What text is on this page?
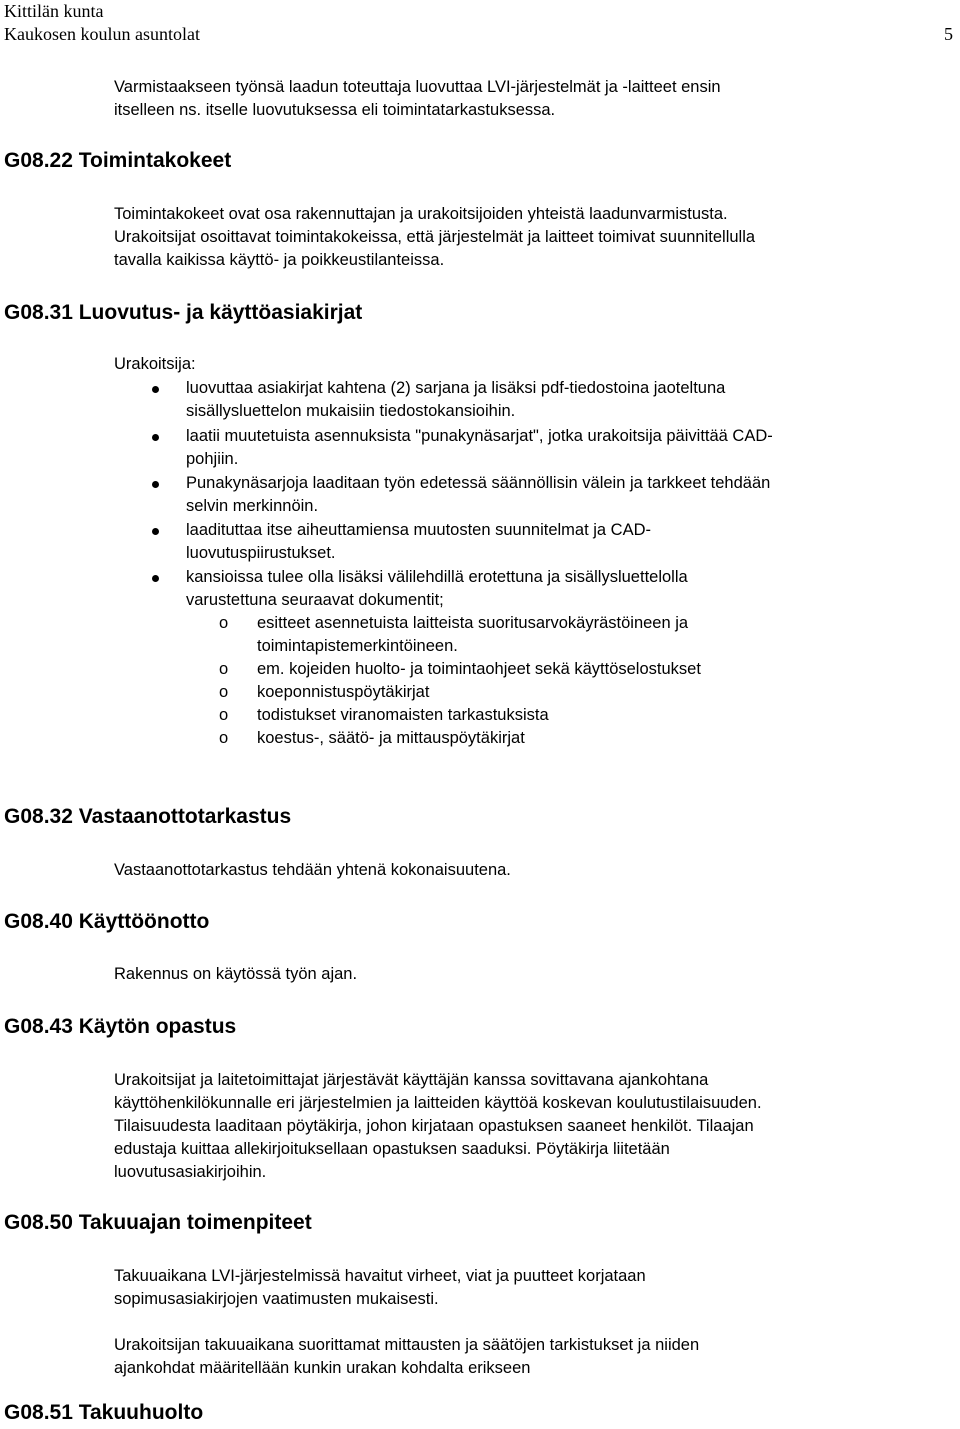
Kittilän kunta
Kaukosen koulun asuntolat	5
Varmistaakseen työnsä laadun toteuttaja luovuttaa LVI-järjestelmät ja -laitteet ensin
itselleen ns. itselle luovutuksessa eli toimintatarkastuksessa.
G08.22 Toimintakokeet
Toimintakokeet ovat osa rakennuttajan ja urakoitsijoiden yhteistä laadunvarmistusta.
Urakoitsijat osoittavat toimintakokeissa, että järjestelmät ja laitteet toimivat suunnitellulla
tavalla kaikissa käyttö- ja poikkeustilanteissa.
G08.31 Luovutus- ja käyttöasiakirjat
Urakoitsija:
luovuttaa asiakirjat kahtena (2) sarjana ja lisäksi pdf-tiedostoina jaoteltuna
sisällysluettelon mukaisiin tiedostokansioihin.
laatii muutetuista asennuksista "punakynäsarjat", jotka urakoitsija päivittää CAD-
pohjiin.
Punakynäsarjoja laaditaan työn edetessä säännöllisin välein ja tarkkeet tehdään
selvin merkinnöin.
laadituttaa itse aiheuttamiensa muutosten suunnitelmat ja CAD-
luovutuspiirustukset.
kansioissa tulee olla lisäksi välilehdillä erotettuna ja sisällysluettelolla
varustettuna seuraavat dokumentit;
o esitteet asennetuista laitteista suoritusarvokäyrästöineen ja
toimintapistemerkintöineen.
o em. kojeiden huolto- ja toimintaohjeet sekä käyttöselostukset
o koeponnistuspöytäkirjat
o todistukset viranomaisten tarkastuksista
o koestus-, säätö- ja mittauspöytäkirjat
G08.32 Vastaanottotarkastus
Vastaanottotarkastus tehdään yhtenä kokonaisuutena.
G08.40 Käyttöönotto
Rakennus on käytössä työn ajan.
G08.43 Käytön opastus
Urakoitsijat ja laitetoimittajat järjestävät käyttäjän kanssa sovittavana ajankohtana
käyttöhenkilökunnalle eri järjestelmien ja laitteiden käyttöä koskevan koulutustilaisuuden.
Tilaisuudesta laaditaan pöytäkirja, johon kirjataan opastuksen saaneet henkilöt. Tilaajan
edustaja kuittaa allekirjoituksellaan opastuksen saaduksi. Pöytäkirja liitetään
luovutusasiakirjoihin.
G08.50 Takuuajan toimenpiteet
Takuuaikana LVI-järjestelmissä havaitut virheet, viat ja puutteet korjataan
sopimusasiakirjojen vaatimusten mukaisesti.
Urakoitsijan takuuaikana suorittamat mittausten ja säätöjen tarkistukset ja niiden
ajankohdat määritellään kunkin urakan kohdalta erikseen
G08.51 Takuuhuolto
